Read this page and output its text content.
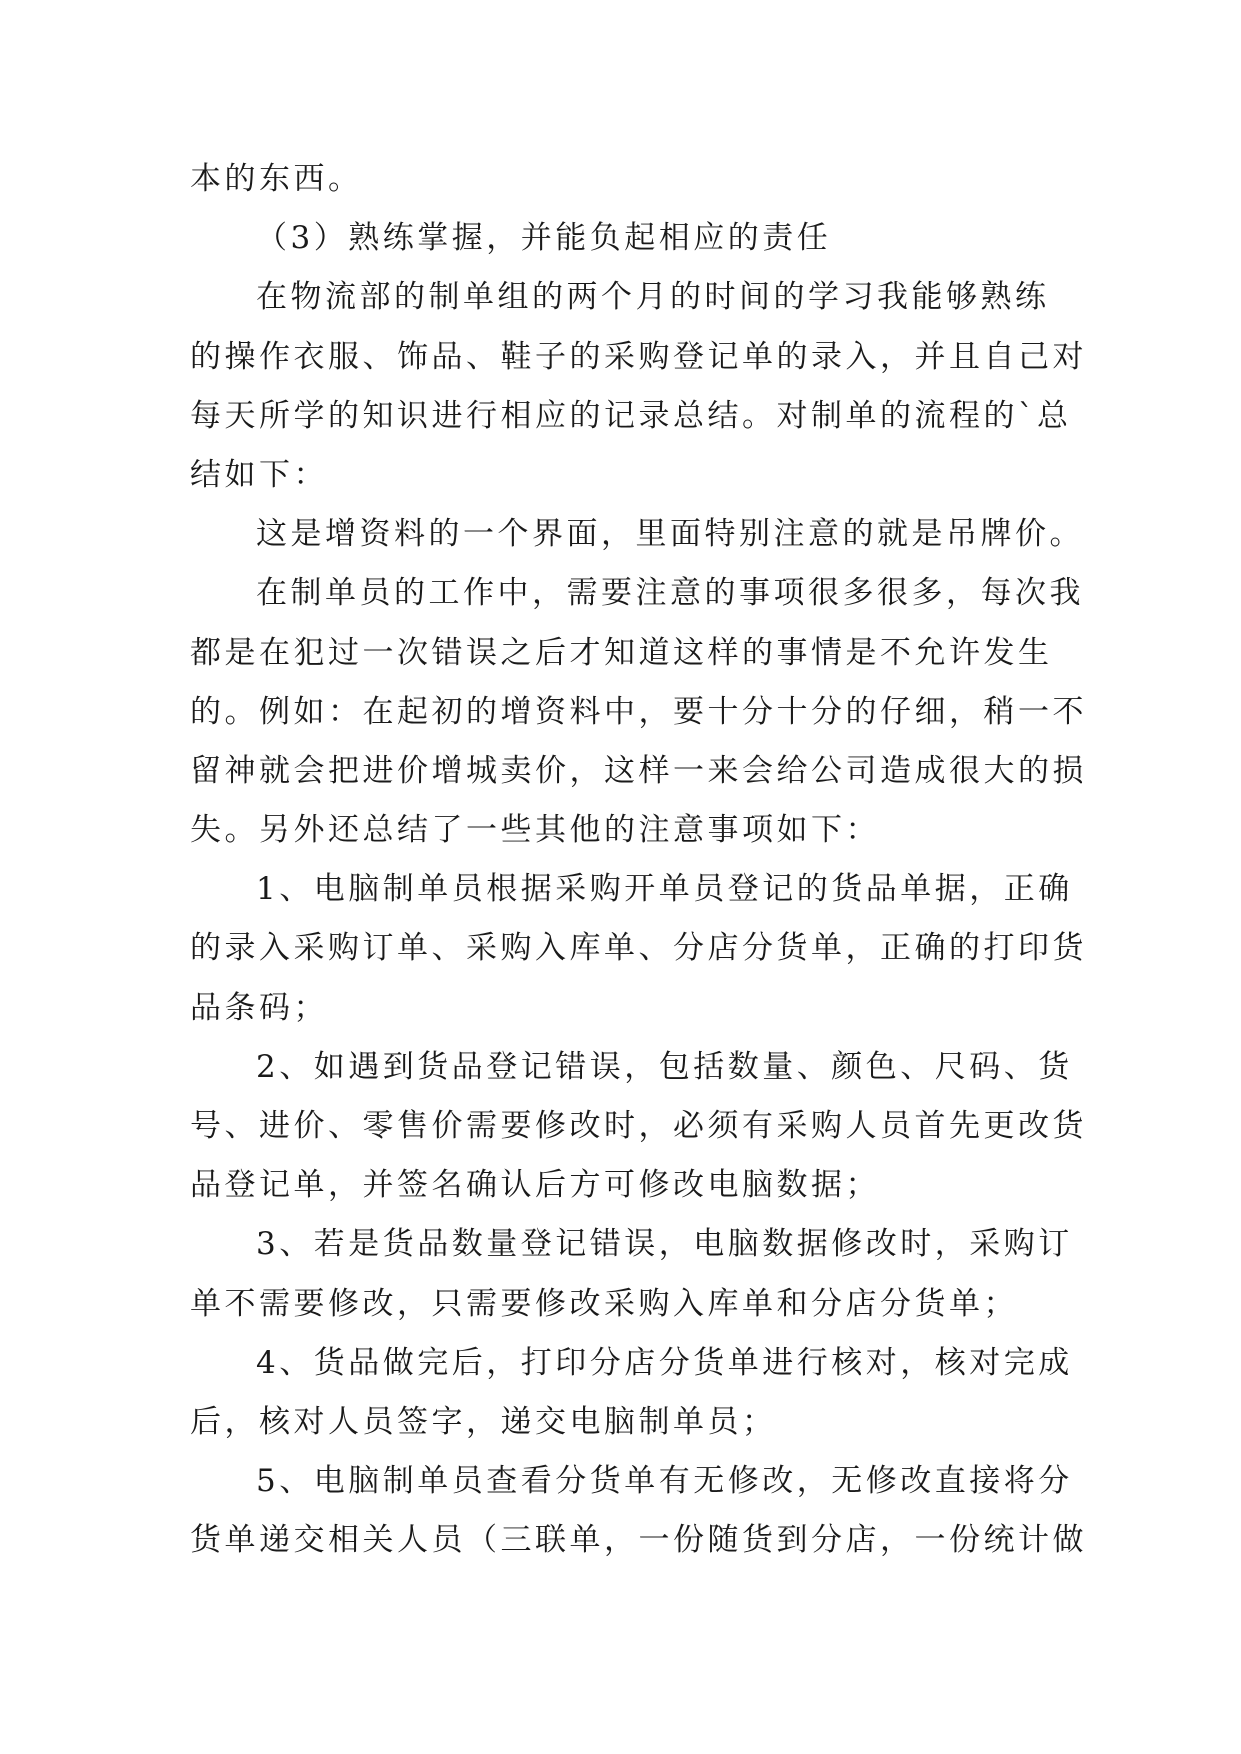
本的东西。
（3）熟练掌握，并能负起相应的责任
在物流部的制单组的两个月的时间的学习我能够熟练
的操作衣服、饰品、鞋子的采购登记单的录入，并且自己对
每天所学的知识进行相应的记录总结。对制单的流程的`总
结如下：
这是增资料的一个界面，里面特别注意的就是吊牌价。
在制单员的工作中，需要注意的事项很多很多，每次我
都是在犯过一次错误之后才知道这样的事情是不允许发生
的。例如：在起初的增资料中，要十分十分的仔细，稍一不
留神就会把进价增城卖价，这样一来会给公司造成很大的损
失。另外还总结了一些其他的注意事项如下：
1、电脑制单员根据采购开单员登记的货品单据，正确
的录入采购订单、采购入库单、分店分货单，正确的打印货
品条码；
2、如遇到货品登记错误，包括数量、颜色、尺码、货
号、进价、零售价需要修改时，必须有采购人员首先更改货
品登记单，并签名确认后方可修改电脑数据；
3、若是货品数量登记错误，电脑数据修改时，采购订
单不需要修改，只需要修改采购入库单和分店分货单；
4、货品做完后，打印分店分货单进行核对，核对完成
后，核对人员签字，递交电脑制单员；
5、电脑制单员查看分货单有无修改，无修改直接将分
货单递交相关人员（三联单，一份随货到分店，一份统计做
